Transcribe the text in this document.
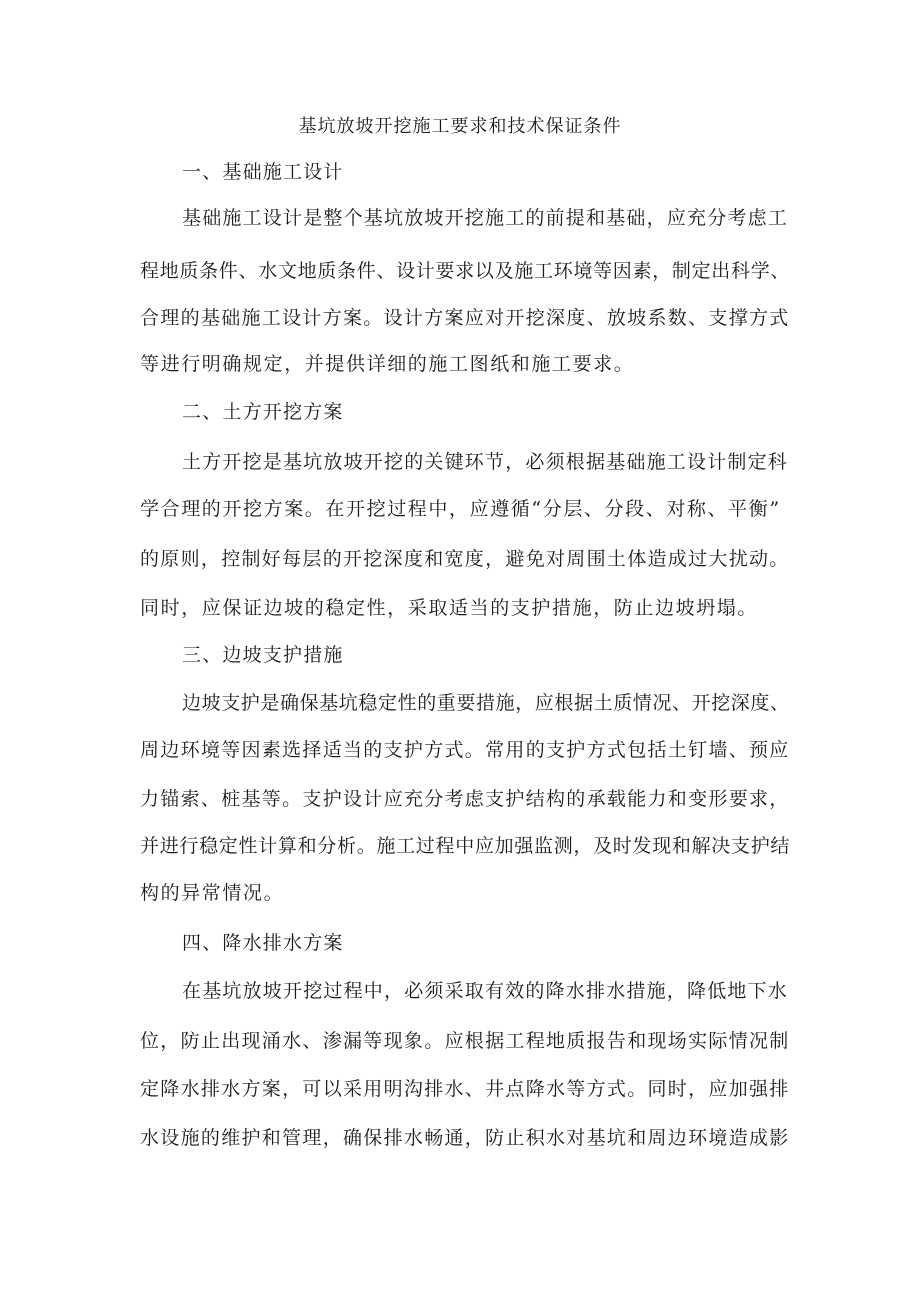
基坑放坡开挖施工要求和技术保证条件
一、基础施工设计
基础施工设计是整个基坑放坡开挖施工的前提和基础，应充分考虑工
程地质条件、水文地质条件、设计要求以及施工环境等因素，制定出科学、
合理的基础施工设计方案。设计方案应对开挖深度、放坡系数、支撑方式
等进行明确规定，并提供详细的施工图纸和施工要求。
二、土方开挖方案
土方开挖是基坑放坡开挖的关键环节，必须根据基础施工设计制定科
学合理的开挖方案。在开挖过程中，应遵循“分层、分段、对称、平衡”
的原则，控制好每层的开挖深度和宽度，避免对周围土体造成过大扰动。
同时，应保证边坡的稳定性，采取适当的支护措施，防止边坡坍塌。
三、边坡支护措施
边坡支护是确保基坑稳定性的重要措施，应根据土质情况、开挖深度、
周边环境等因素选择适当的支护方式。常用的支护方式包括土钉墙、预应
力锚索、桩基等。支护设计应充分考虑支护结构的承载能力和变形要求，
并进行稳定性计算和分析。施工过程中应加强监测，及时发现和解决支护结
构的异常情况。
四、降水排水方案
在基坑放坡开挖过程中，必须采取有效的降水排水措施，降低地下水
位，防止出现涌水、渗漏等现象。应根据工程地质报告和现场实际情况制
定降水排水方案，可以采用明沟排水、井点降水等方式。同时，应加强排
水设施的维护和管理，确保排水畅通，防止积水对基坑和周边环境造成影
